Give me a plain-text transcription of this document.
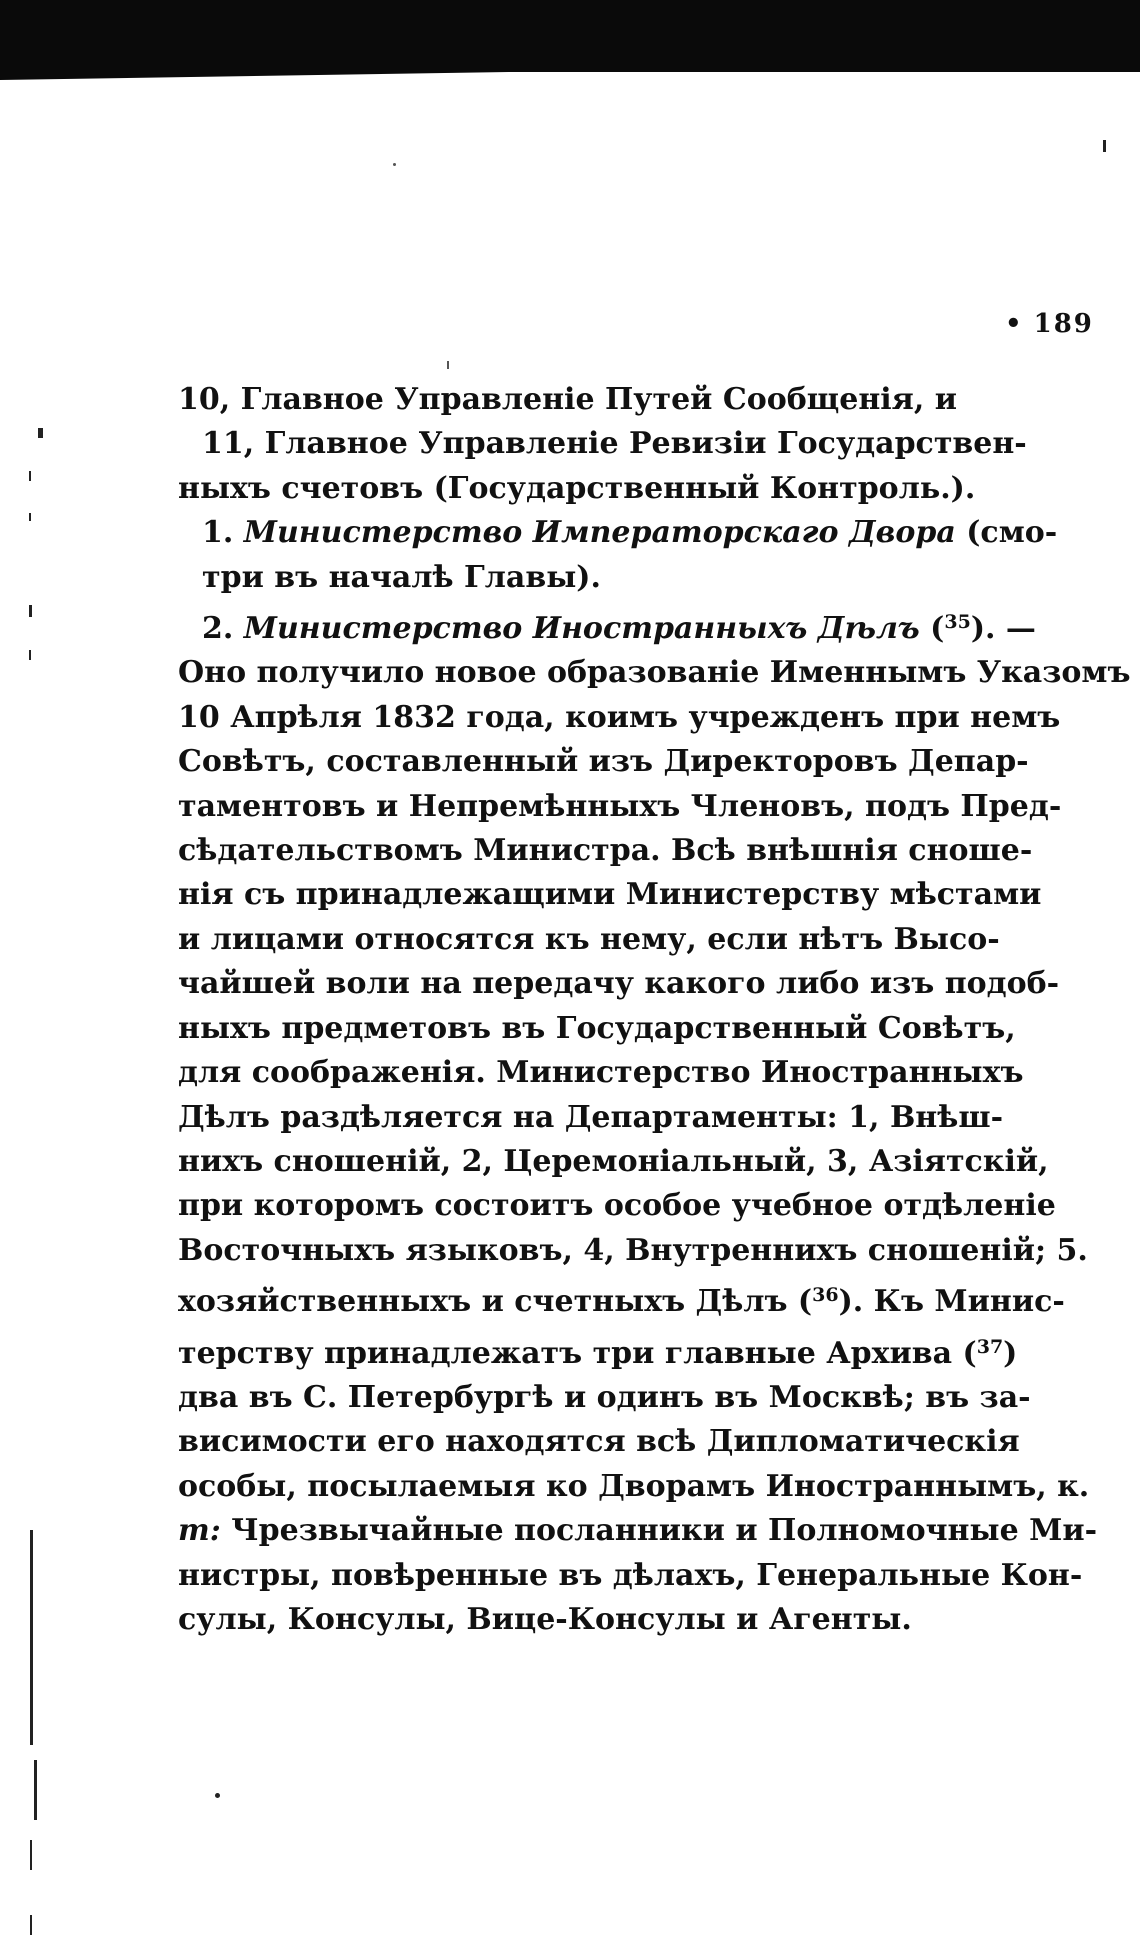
• 189
10, Главное Управленіе Путей Сообщенія, и
11, Главное Управленіе Ревизіи Государствен-
ныхъ счетовъ (Государственный Контроль.).
1. Министерство Императорскаго Двора (смо-
три въ началѣ Главы).
2. Министерство Иностранныхъ Дѣлъ ($^{35}$). —
Оно получило новое образованіе Именнымъ Указомъ
10 Апрѣля 1832 года, коимъ учрежденъ при немъ
Совѣтъ, составленный изъ Директоровъ Депар-
таментовъ и Непремѣнныхъ Членовъ, подъ Пред-
сѣдательствомъ Министра. Всѣ внѣшнія сноше-
нія съ принадлежащими Министерству мѣстами
и лицами относятся къ нему, если нѣтъ Высо-
чайшей воли на передачу какого либо изъ подоб-
ныхъ предметовъ въ Государственный Совѣтъ,
для соображенія. Министерство Иностранныхъ
Дѣлъ раздѣляется на Департаменты: 1, Внѣш-
нихъ сношеній, 2, Церемоніальный, 3, Азіятскій,
при которомъ состоитъ особое учебное отдѣленіе
Восточныхъ языковъ, 4, Внутреннихъ сношеній; 5.
хозяйственныхъ и счетныхъ Дѣлъ ($^{36}$). Къ Минис-
терству принадлежатъ три главные Архива ($^{37}$)
два въ С. Петербургѣ и одинъ въ Москвѣ; въ за-
висимости его находятся всѣ Дипломатическія
особы, посылаемыя ко Дворамъ Иностраннымъ, к.
т: Чрезвычайные посланники и Полномочные Ми-
нистры, повѣренные въ дѣлахъ, Генеральные Кон-
сулы, Консулы, Вице-Консулы и Агенты.
